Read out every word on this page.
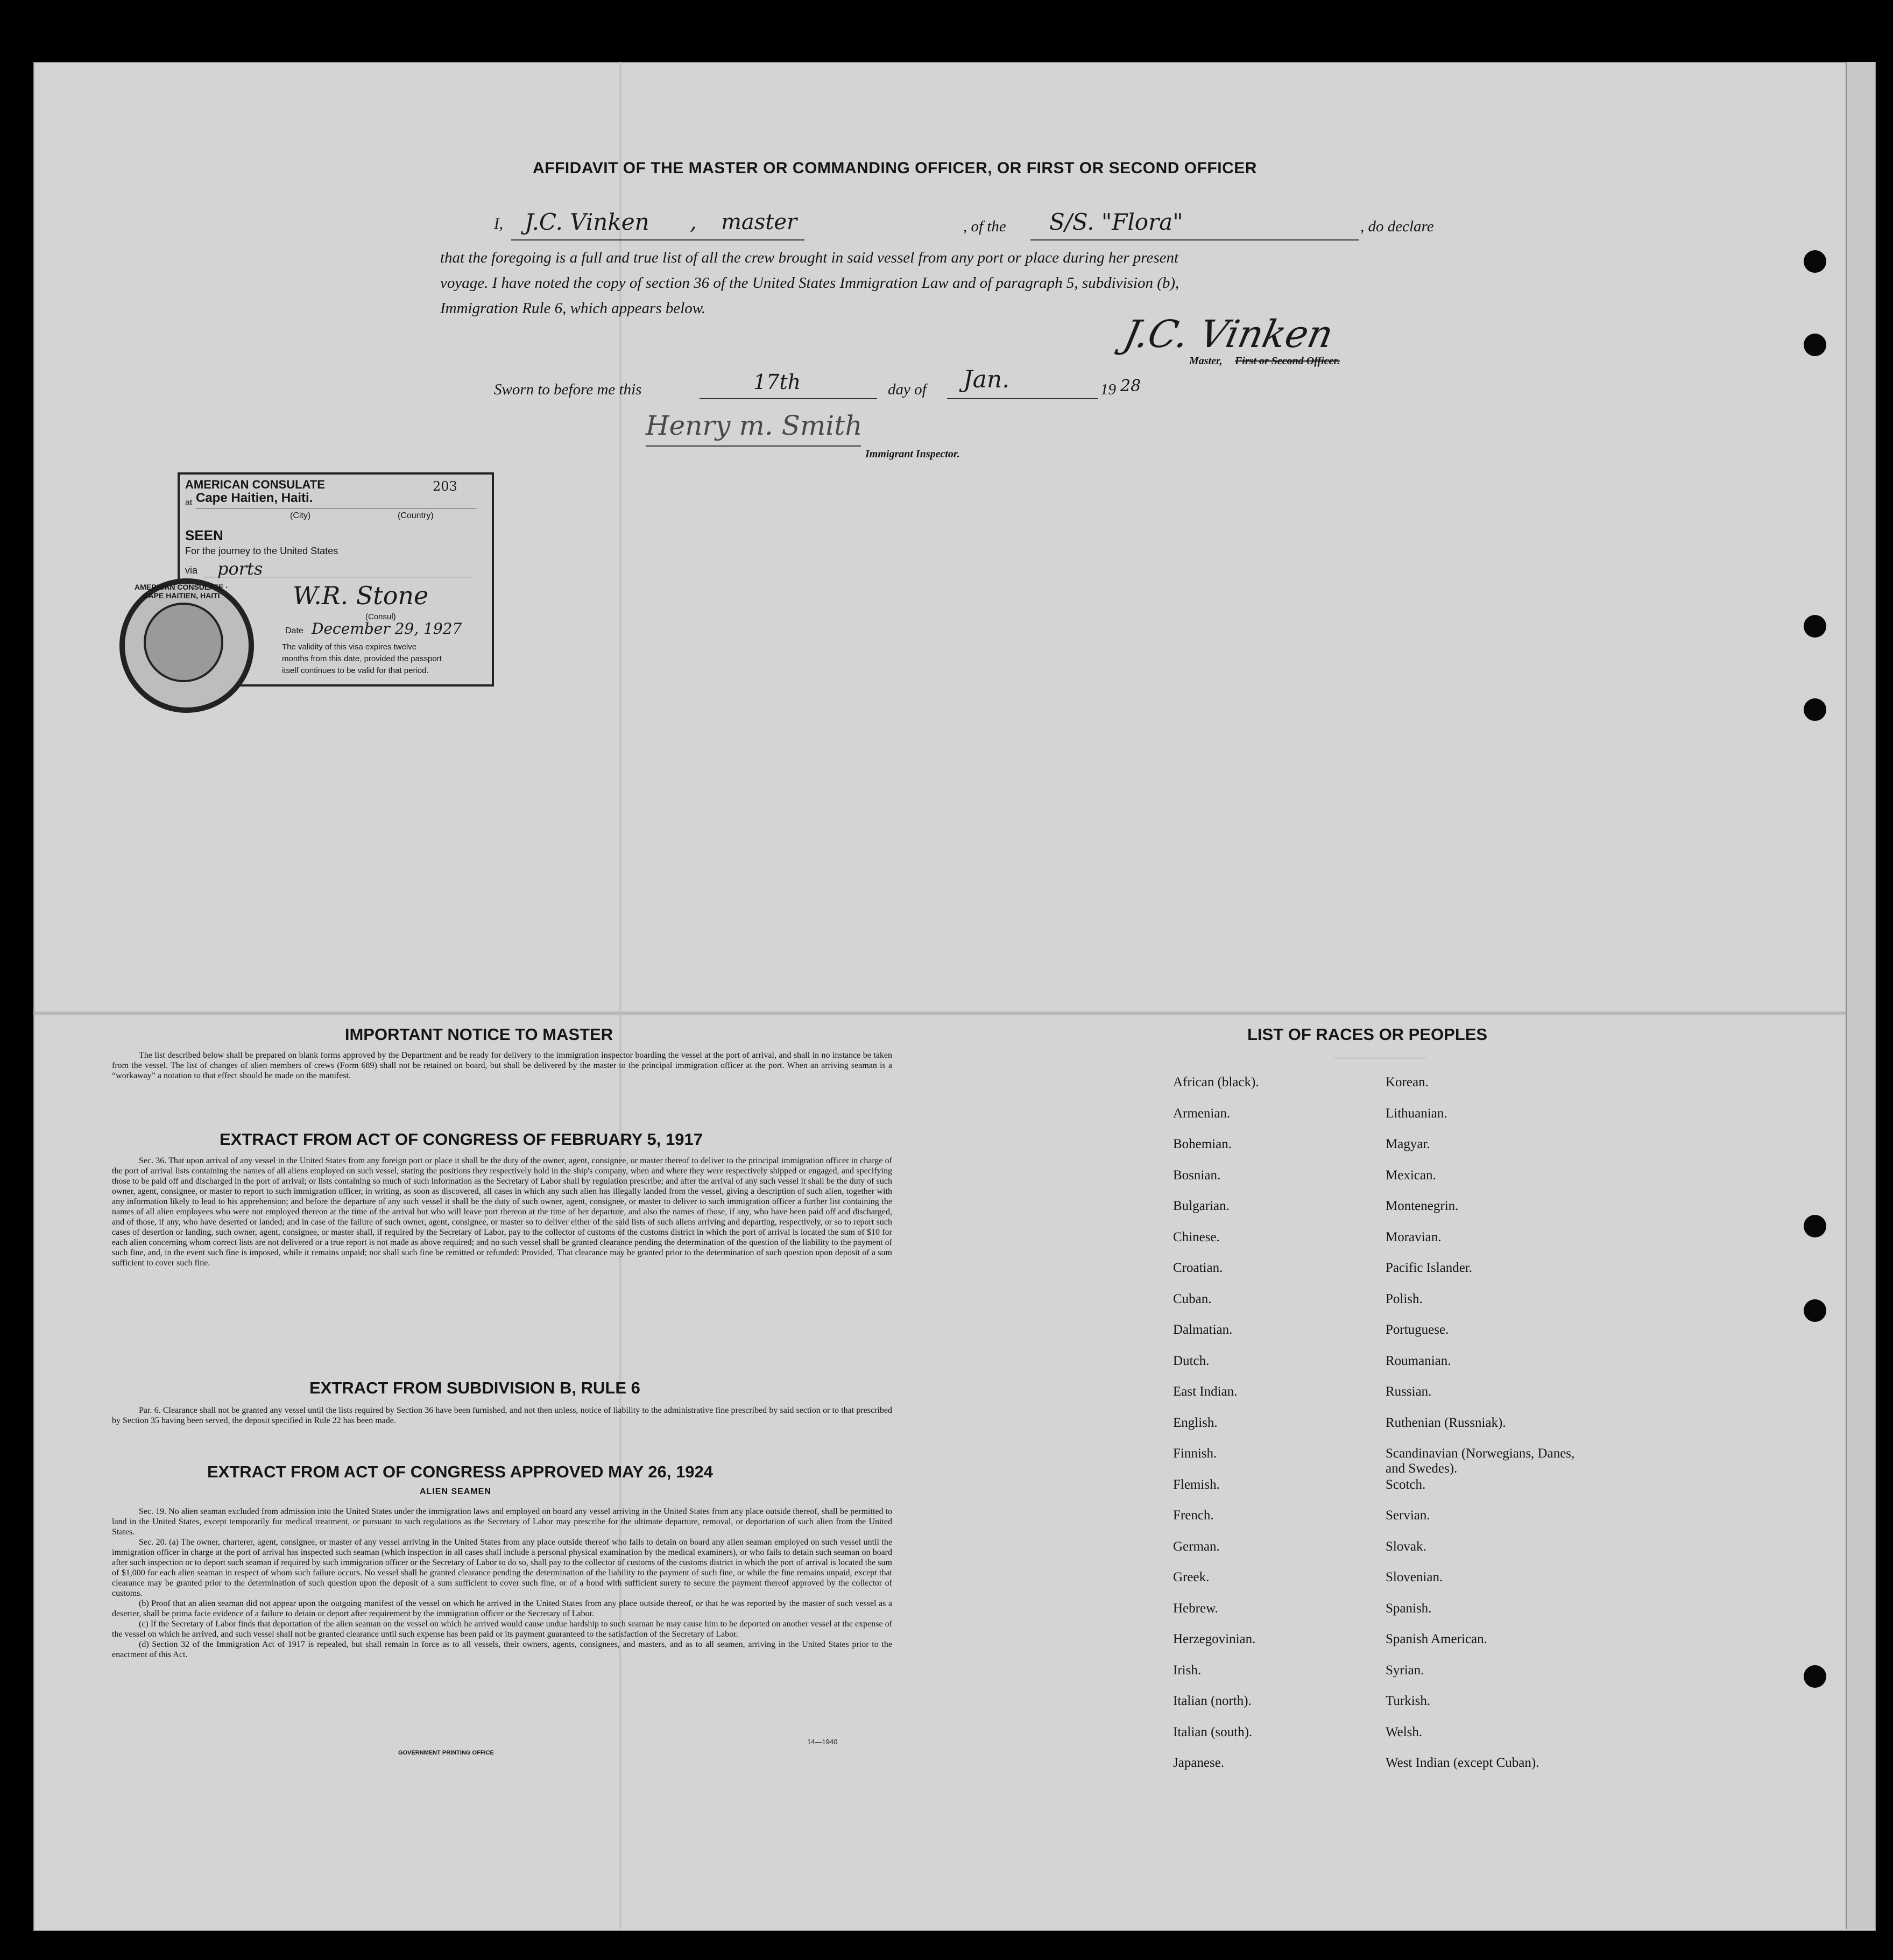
AFFIDAVIT OF THE MASTER OR COMMANDING OFFICER, OR FIRST OR SECOND OFFICER
I, J.C. Vinken , master	, of the S/S. "Flora"	, do declare
that the foregoing is a full and true list of all the crew brought in said vessel from any port or place during her present
voyage. I have noted the copy of section 36 of the United States Immigration Law and of paragraph 5, subdivision (b),
Immigration Rule 6, which appears below.
J.C. Vinken
Master, First or Second Officer.
Sworn to before me this	17th	day of Jan.	19 28
Henry m. Smith
Immigrant Inspector.
AMERICAN CONSULATE	203
at Cape Haitien, Haiti.
(City)	(Country)
SEEN
For the journey to the United States
via ports
W.R. Stone
(Consul)
Date December 29, 1927
The validity of this visa expires twelve
months from this date, provided the passport
itself continues to be valid for that period.
AMERICAN CONSULATE · CAPE HAITIEN, HAITI
IMPORTANT NOTICE TO MASTER
The list described below shall be prepared on blank forms approved by the Department and be ready for delivery to the immigration inspector boarding the vessel at the port of arrival, and shall in no instance be taken from the vessel. The list of changes of alien members of crews (Form 689) shall not be retained on board, but shall be delivered by the master to the principal immigration officer at the port. When an arriving seaman is a “workaway” a notation to that effect should be made on the manifest.
EXTRACT FROM ACT OF CONGRESS OF FEBRUARY 5, 1917
Sec. 36. That upon arrival of any vessel in the United States from any foreign port or place it shall be the duty of the owner, agent, consignee, or master thereof to deliver to the principal immigration officer in charge of the port of arrival lists containing the names of all aliens employed on such vessel, stating the positions they respectively hold in the ship's company, when and where they were respectively shipped or engaged, and specifying those to be paid off and discharged in the port of arrival; or lists containing so much of such information as the Secretary of Labor shall by regulation prescribe; and after the arrival of any such vessel it shall be the duty of such owner, agent, consignee, or master to report to such immigration officer, in writing, as soon as discovered, all cases in which any such alien has illegally landed from the vessel, giving a description of such alien, together with any information likely to lead to his apprehension; and before the departure of any such vessel it shall be the duty of such owner, agent, consignee, or master to deliver to such immigration officer a further list containing the names of all alien employees who were not employed thereon at the time of the arrival but who will leave port thereon at the time of her departure, and also the names of those, if any, who have been paid off and discharged, and of those, if any, who have deserted or landed; and in case of the failure of such owner, agent, consignee, or master so to deliver either of the said lists of such aliens arriving and departing, respectively, or so to report such cases of desertion or landing, such owner, agent, consignee, or master shall, if required by the Secretary of Labor, pay to the collector of customs of the customs district in which the port of arrival is located the sum of $10 for each alien concerning whom correct lists are not delivered or a true report is not made as above required; and no such vessel shall be granted clearance pending the determination of the question of the liability to the payment of such fine, and, in the event such fine is imposed, while it remains unpaid; nor shall such fine be remitted or refunded: Provided, That clearance may be granted prior to the determination of such question upon deposit of a sum sufficient to cover such fine.
EXTRACT FROM SUBDIVISION B, RULE 6
Par. 6. Clearance shall not be granted any vessel until the lists required by Section 36 have been furnished, and not then unless, notice of liability to the administrative fine prescribed by said section or to that prescribed by Section 35 having been served, the deposit specified in Rule 22 has been made.
EXTRACT FROM ACT OF CONGRESS APPROVED MAY 26, 1924
ALIEN SEAMEN
Sec. 19. No alien seaman excluded from admission into the United States under the immigration laws and employed on board any vessel arriving in the United States from any place outside thereof, shall be permitted to land in the United States, except temporarily for medical treatment, or pursuant to such regulations as the Secretary of Labor may prescribe for the ultimate departure, removal, or deportation of such alien from the United States.
Sec. 20. (a) The owner, charterer, agent, consignee, or master of any vessel arriving in the United States from any place outside thereof who fails to detain on board any alien seaman employed on such vessel until the immigration officer in charge at the port of arrival has inspected such seaman (which inspection in all cases shall include a personal physical examination by the medical examiners), or who fails to detain such seaman on board after such inspection or to deport such seaman if required by such immigration officer or the Secretary of Labor to do so, shall pay to the collector of customs of the customs district in which the port of arrival is located the sum of $1,000 for each alien seaman in respect of whom such failure occurs. No vessel shall be granted clearance pending the determination of the liability to the payment of such fine, or while the fine remains unpaid, except that clearance may be granted prior to the determination of such question upon the deposit of a sum sufficient to cover such fine, or of a bond with sufficient surety to secure the payment thereof approved by the collector of customs.
(b) Proof that an alien seaman did not appear upon the outgoing manifest of the vessel on which he arrived in the United States from any place outside thereof, or that he was reported by the master of such vessel as a deserter, shall be prima facie evidence of a failure to detain or deport after requirement by the immigration officer or the Secretary of Labor.
(c) If the Secretary of Labor finds that deportation of the alien seaman on the vessel on which he arrived would cause undue hardship to such seaman he may cause him to be deported on another vessel at the expense of the vessel on which he arrived, and such vessel shall not be granted clearance until such expense has been paid or its payment guaranteed to the satisfaction of the Secretary of Labor.
(d) Section 32 of the Immigration Act of 1917 is repealed, but shall remain in force as to all vessels, their owners, agents, consignees, and masters, and as to all seamen, arriving in the United States prior to the enactment of this Act.
14—1940
GOVERNMENT PRINTING OFFICE
LIST OF RACES OR PEOPLES
African (black).	Korean.
Armenian.	Lithuanian.
Bohemian.	Magyar.
Bosnian.	Mexican.
Bulgarian.	Montenegrin.
Chinese.	Moravian.
Croatian.	Pacific Islander.
Cuban.	Polish.
Dalmatian.	Portuguese.
Dutch.	Roumanian.
East Indian.	Russian.
English.	Ruthenian (Russniak).
Finnish.	Scandinavian (Norwegians, Danes, and Swedes).
Flemish.	Scotch.
French.	Servian.
German.	Slovak.
Greek.	Slovenian.
Hebrew.	Spanish.
Herzegovinian.	Spanish American.
Irish.	Syrian.
Italian (north).	Turkish.
Italian (south).	Welsh.
Japanese.	West Indian (except Cuban).
